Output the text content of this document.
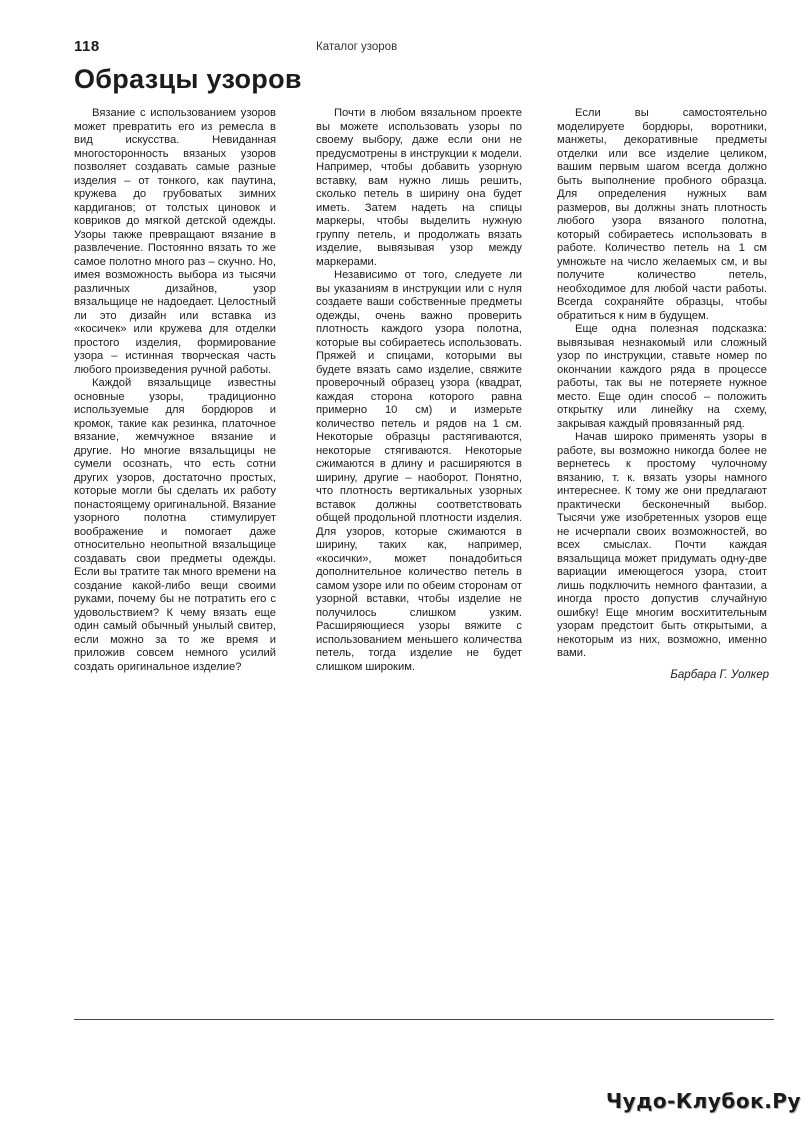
118	Каталог узоров
Образцы узоров

Вязание с использованием узоров может превратить его из ремесла в вид искусства. Невиданная многосторонность вязаных узоров позволяет создавать самые разные изделия – от тонкого, как паутина, кружева до грубоватых зимних кардиганов; от толстых циновок и ковриков до мягкой детской одежды. Узоры также превращают вязание в развлечение. Постоянно вязать то же самое полотно много раз – скучно. Но, имея возможность выбора из тысячи различных дизайнов, узор вязальщице не надоедает. Целостный ли это дизайн или вставка из «косичек» или кружева для отделки простого изделия, формирование узора – истинная творческая часть любого произведения ручной работы.

Каждой вязальщице известны основные узоры, традиционно используемые для бордюров и кромок, такие как резинка, платочное вязание, жемчужное вязание и другие. Но многие вязальщицы не сумели осознать, что есть сотни других узоров, достаточно простых, которые могли бы сделать их работу понастоящему оригинальной. Вязание узорного полотна стимулирует воображение и помогает даже относительно неопытной вязальщице создавать свои предметы одежды. Если вы тратите так много времени на создание какой-либо вещи своими руками, почему бы не потратить его с удовольствием? К чему вязать еще один самый обычный унылый свитер, если можно за то же время и приложив совсем немного усилий создать оригинальное изделие?

Почти в любом вязальном проекте вы можете использовать узоры по своему выбору, даже если они не предусмотрены в инструкции к модели. Например, чтобы добавить узорную вставку, вам нужно лишь решить, сколько петель в ширину она будет иметь. Затем надеть на спицы маркеры, чтобы выделить нужную группу петель, и продолжать вязать изделие, вывязывая узор между маркерами.

Независимо от того, следуете ли вы указаниям в инструкции или с нуля создаете ваши собственные предметы одежды, очень важно проверить плотность каждого узора полотна, которые вы собираетесь использовать. Пряжей и спицами, которыми вы будете вязать само изделие, свяжите проверочный образец узора (квадрат, каждая сторона которого равна примерно 10 см) и измерьте количество петель и рядов на 1 см. Некоторые образцы растягиваются, некоторые стягиваются. Некоторые сжимаются в длину и расширяются в ширину, другие – наоборот. Понятно, что плотность вертикальных узорных вставок должны соответствовать общей продольной плотности изделия. Для узоров, которые сжимаются в ширину, таких как, например, «косички», может понадобиться дополнительное количество петель в самом узоре или по обеим сторонам от узорной вставки, чтобы изделие не получилось слишком узким. Расширяющиеся узоры вяжите с использованием меньшего количества петель, тогда изделие не будет слишком широким.

Если вы самостоятельно моделируете бордюры, воротники, манжеты, декоративные предметы отделки или все изделие целиком, вашим первым шагом всегда должно быть выполнение пробного образца. Для определения нужных вам размеров, вы должны знать плотность любого узора вязаного полотна, который собираетесь использовать в работе. Количество петель на 1 см умножьте на число желаемых см, и вы получите количество петель, необходимое для любой части работы. Всегда сохраняйте образцы, чтобы обратиться к ним в будущем.

Еще одна полезная подсказка: вывязывая незнакомый или сложный узор по инструкции, ставьте номер по окончании каждого ряда в процессе работы, так вы не потеряете нужное место. Еще один способ – положить открытку или линейку на схему, закрывая каждый провязанный ряд.

Начав широко применять узоры в работе, вы возможно никогда более не вернетесь к простому чулочному вязанию, т. к. вязать узоры намного интереснее. К тому же они предлагают практически бесконечный выбор. Тысячи уже изобретенных узоров еще не исчерпали своих возможностей, во всех смыслах. Почти каждая вязальщица может придумать одну-две вариации имеющегося узора, стоит лишь подключить немного фантазии, а иногда просто допустив случайную ошибку! Еще многим восхитительным узорам предстоит быть открытыми, а некоторым из них, возможно, именно вами.

Барбара Г. Уолкер
Чудо-Клубок.Ру
